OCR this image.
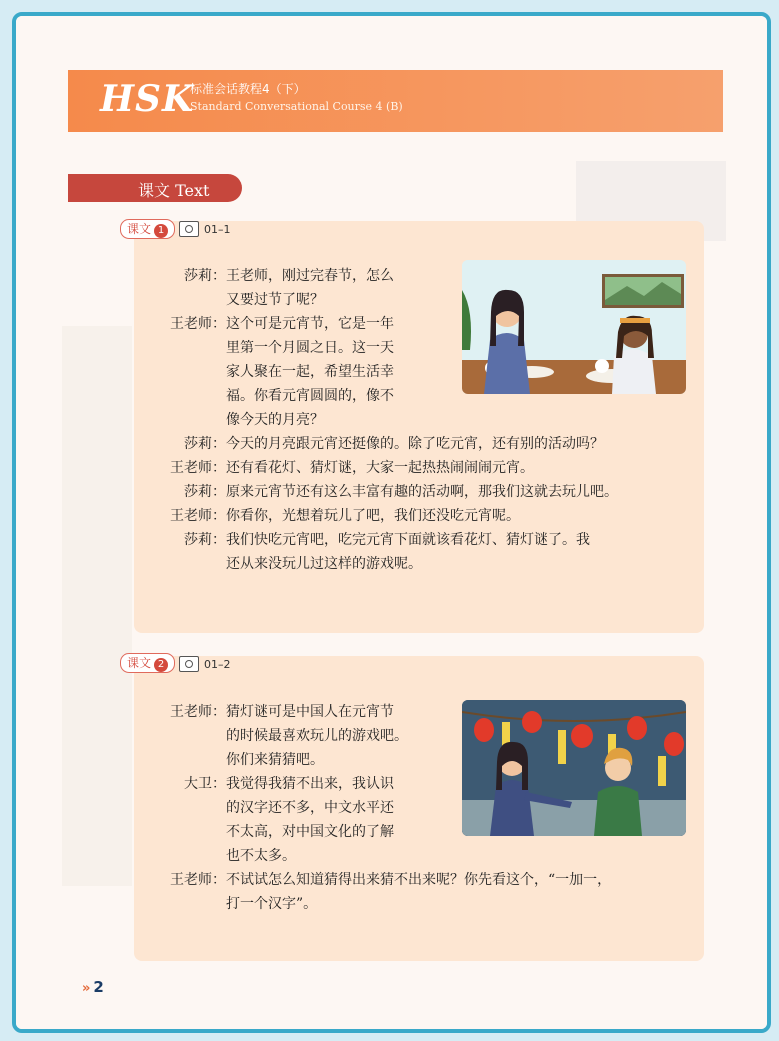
HSK
标准会话教程4（下）
Standard Conversational Course 4 (B)
课文 Text
课文 1	01–1
莎莉： 王老师，刚过完春节，怎么
又要过节了呢？
王老师： 这个可是元宵节，它是一年
里第一个月圆之日。这一天
家人聚在一起，希望生活幸
福。你看元宵圆圆的，像不
像今天的月亮？
莎莉： 今天的月亮跟元宵还挺像的。除了吃元宵，还有别的活动吗？
王老师： 还有看花灯、猜灯谜，大家一起热热闹闹闹元宵。
莎莉： 原来元宵节还有这么丰富有趣的活动啊，那我们这就去玩儿吧。
王老师： 你看你，光想着玩儿了吧，我们还没吃元宵呢。
莎莉： 我们快吃元宵吧，吃完元宵下面就该看花灯、猜灯谜了。我
还从来没玩儿过这样的游戏呢。
课文 2	01–2
王老师： 猜灯谜可是中国人在元宵节
的时候最喜欢玩儿的游戏吧。
你们来猜猜吧。
大卫： 我觉得我猜不出来，我认识
的汉字还不多，中文水平还
不太高，对中国文化的了解
也不太多。
王老师： 不试试怎么知道猜得出来猜不出来呢？你先看这个，“一加一，
打一个汉字”。
» 2
